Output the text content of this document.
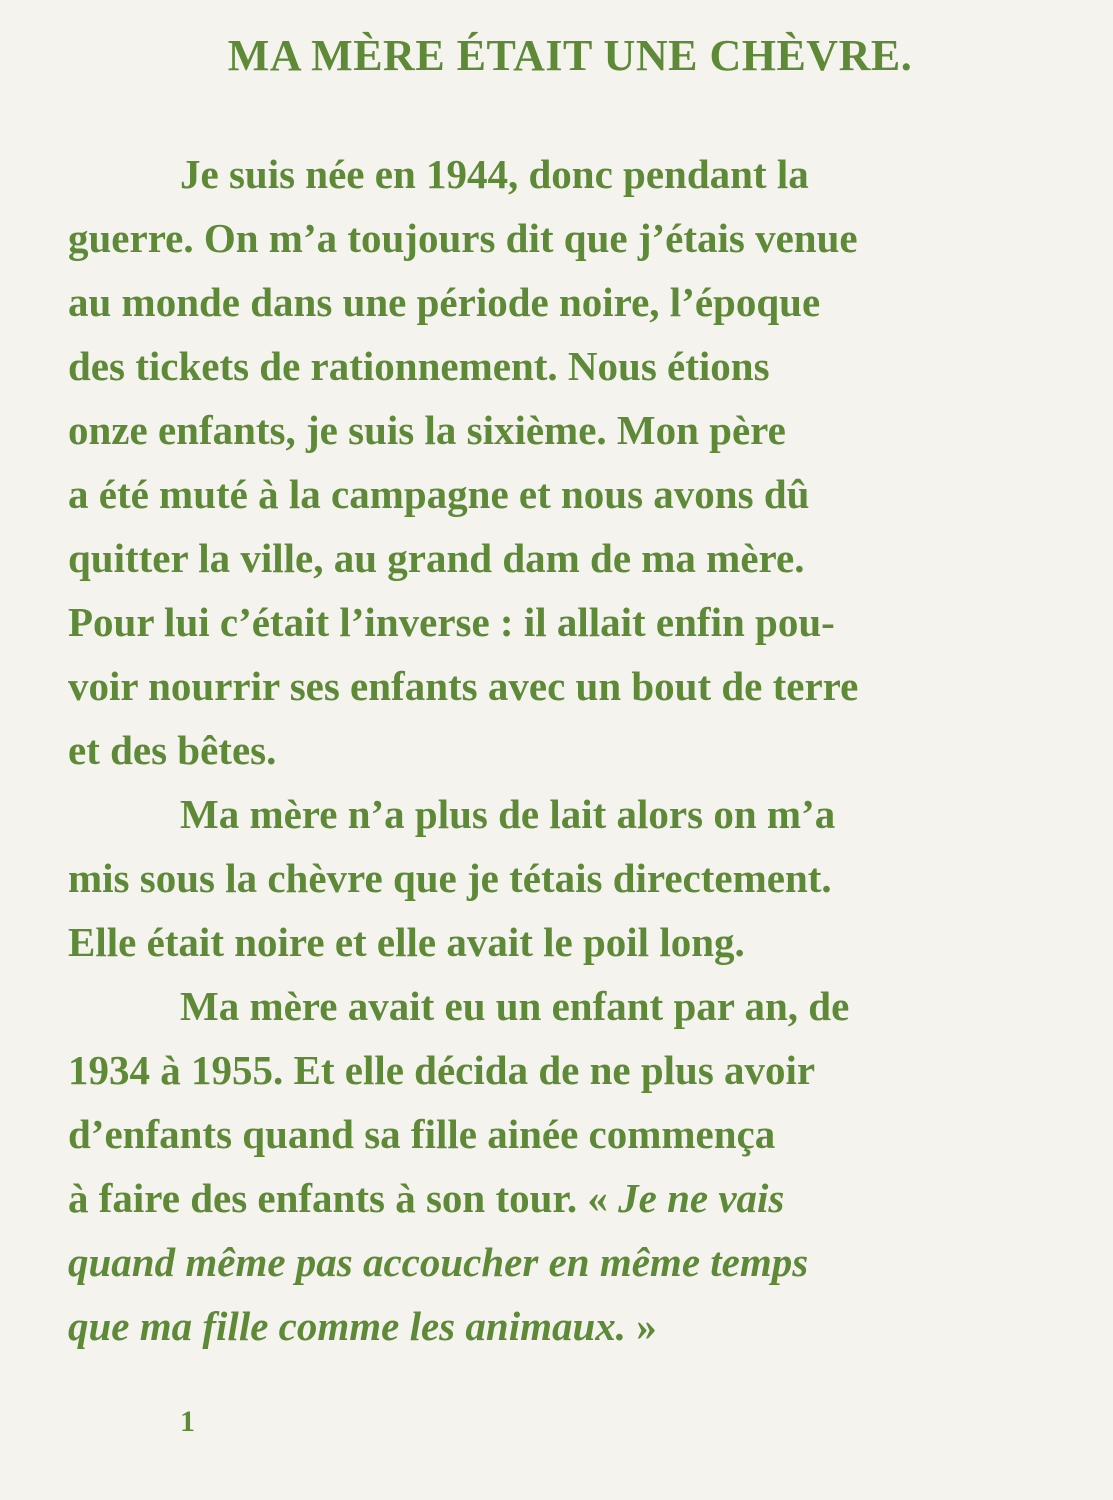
MA MÈRE ÉTAIT UNE CHÈVRE.

Je suis née en 1944, donc pendant la
guerre. On m’a toujours dit que j’étais venue
au monde dans une période noire, l’époque
des tickets de rationnement. Nous étions
onze enfants, je suis la sixième. Mon père
a été muté à la campagne et nous avons dû
quitter la ville, au grand dam de ma mère.
Pour lui c’était l’inverse : il allait enfin pou-
voir nourrir ses enfants avec un bout de terre
et des bêtes.

Ma mère n’a plus de lait alors on m’a
mis sous la chèvre que je tétais directement.
Elle était noire et elle avait le poil long.

Ma mère avait eu un enfant par an, de
1934 à 1955. Et elle décida de ne plus avoir
d’enfants quand sa fille ainée commença
à faire des enfants à son tour. « Je ne vais
quand même pas accoucher en même temps
que ma fille comme les animaux. »

1
